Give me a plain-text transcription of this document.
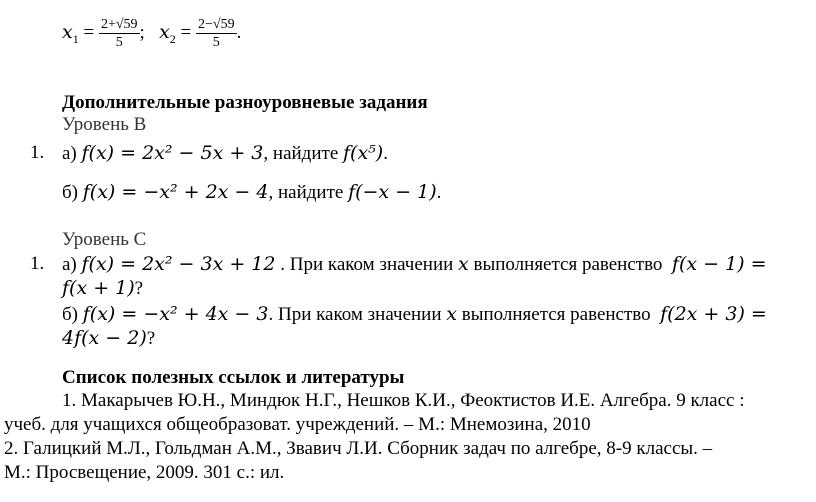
$x_1 = \frac{2+√59}{5}$ ; $x_2 = \frac{2-√59}{5}$ .
Дополнительные разноуровневые задания
Уровень В
1. а) f(x) = 2x² − 5x + 3, найдите f(x⁵).
б) f(x) = −x² + 2x − 4, найдите f(−x − 1).
Уровень С
1. а) f(x) = 2x² − 3x + 12 . При каком значении x выполняется равенство  f(x − 1) =
f(x + 1)?
б) f(x) = −x² + 4x − 3. При каком значении x выполняется равенство  f(2x + 3) =
4f(x − 2)?
Список полезных ссылок и литературы
1. Макарычев Ю.Н., Миндюк Н.Г., Нешков К.И., Феоктистов И.Е. Алгебра. 9 класс :
учеб. для учащихся общеобразоват. учреждений. – М.: Мнемозина, 2010
2. Галицкий М.Л., Гольдман А.М., Звавич Л.И. Сборник задач по алгебре, 8-9 классы. –
М.: Просвещение, 2009. 301 с.: ил.
